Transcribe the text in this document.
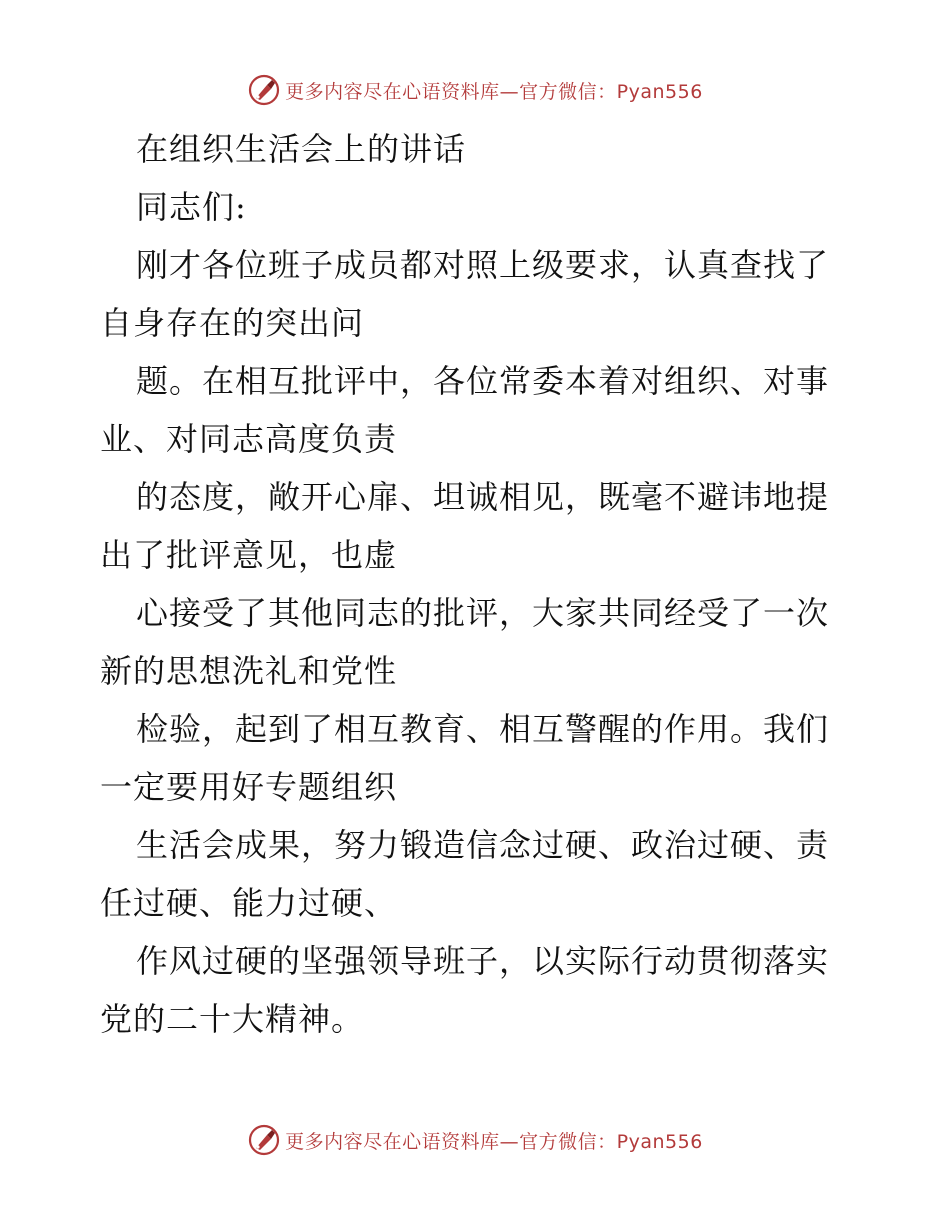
更多内容尽在心语资料库—官方微信：Pyan556
在组织生活会上的讲话
同志们:
刚才各位班子成员都对照上级要求，认真查找了
自身存在的突出问
题。在相互批评中，各位常委本着对组织、对事
业、对同志高度负责
的态度，敞开心扉、坦诚相见，既毫不避讳地提
出了批评意见，也虚
心接受了其他同志的批评，大家共同经受了一次
新的思想洗礼和党性
检验，起到了相互教育、相互警醒的作用。我们
一定要用好专题组织
生活会成果，努力锻造信念过硬、政治过硬、责
任过硬、能力过硬、
作风过硬的坚强领导班子，以实际行动贯彻落实
党的二十大精神。
更多内容尽在心语资料库—官方微信：Pyan556
